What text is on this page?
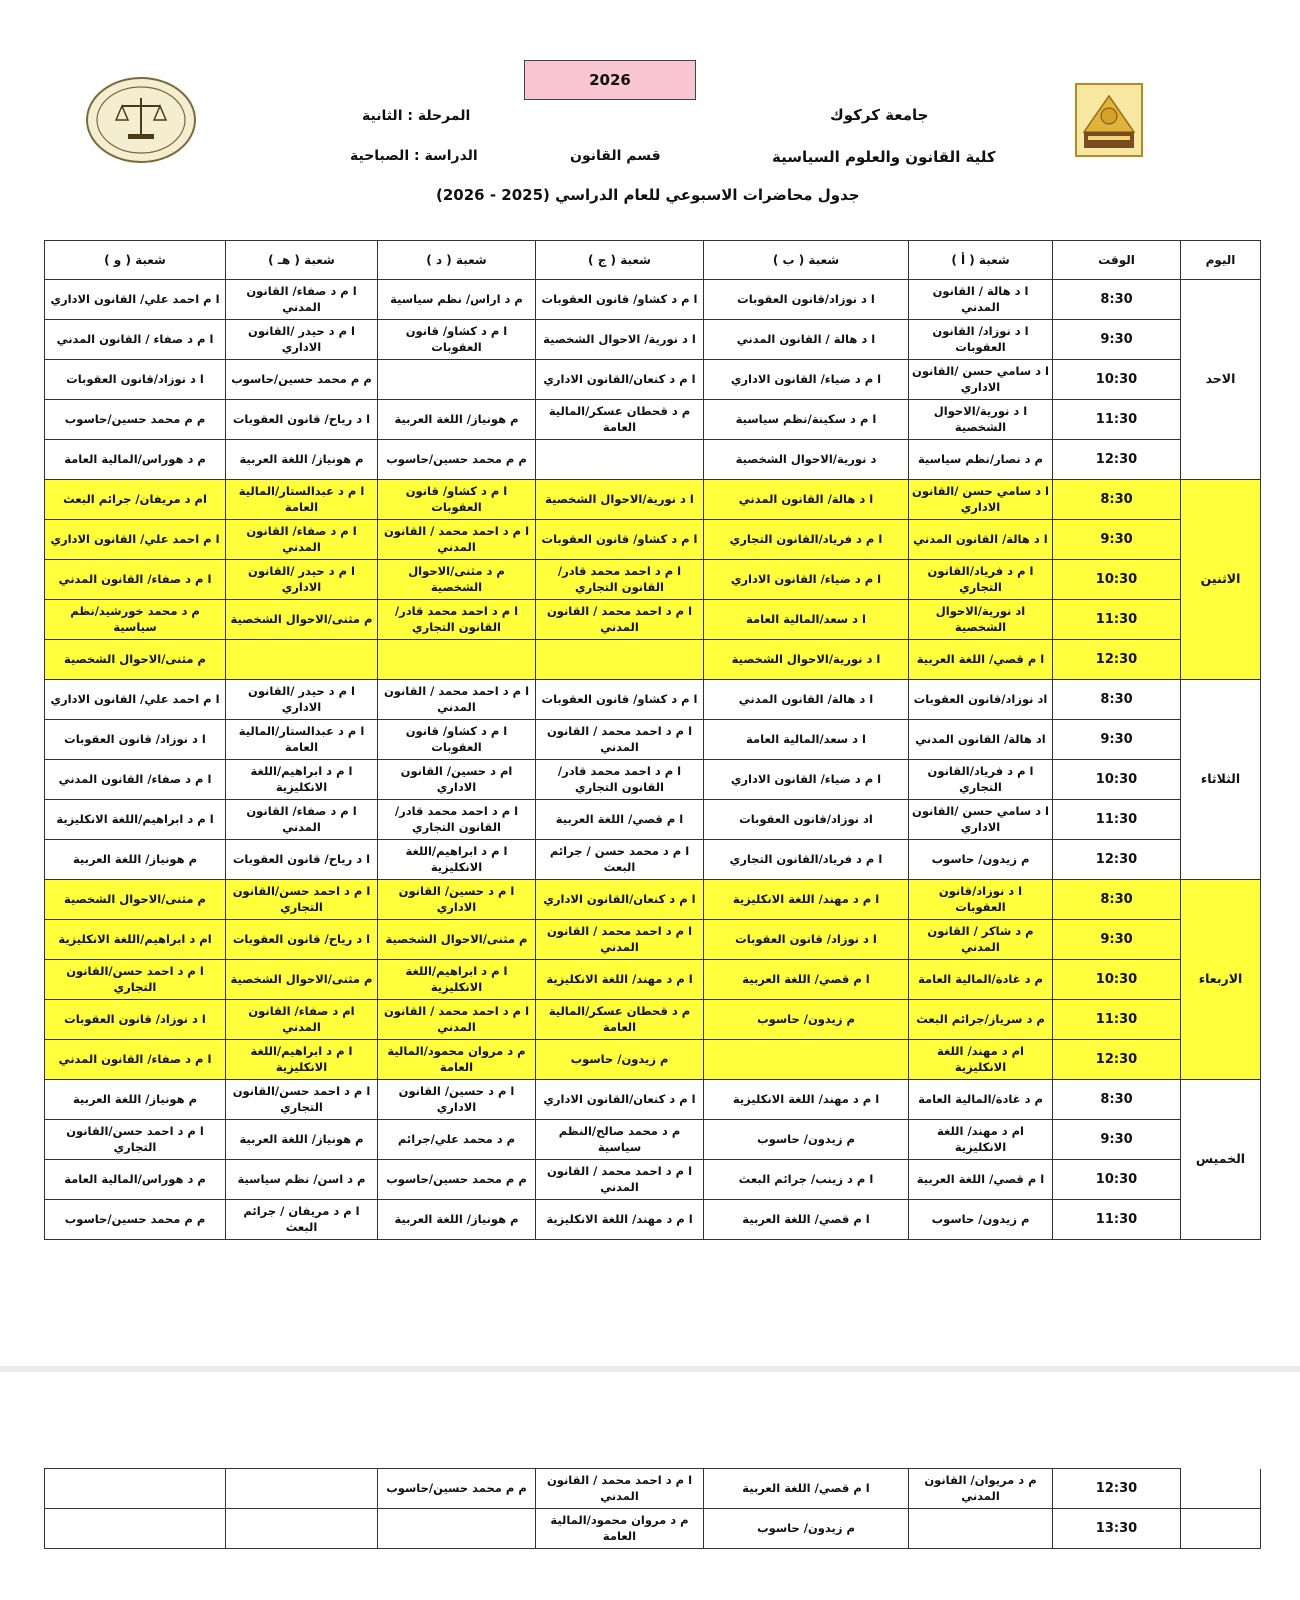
2026
جامعة كركوك
المرحلة : الثانية
كلية القانون والعلوم السياسية
قسم القانون
الدراسة : الصباحية
جدول محاضرات الاسبوعي للعام الدراسي (2025 - 2026)
اليوم	الوقت	شعبة ( أ )	شعبة ( ب )	شعبة ( ج )	شعبة ( د )	شعبة ( هـ )	شعبة ( و )
الاحد	8:30	ا د هالة / القانون المدني	ا د نوزاد/قانون العقوبات	ا م د كشاو/ قانون العقوبات	م د اراس/ نظم سياسية	ا م د صفاء/ القانون المدني	ا م احمد علي/ القانون الاداري
	9:30	ا د نوزاد/ القانون العقوبات	ا د هالة / القانون المدني	ا د نورية/ الاحوال الشخصية	ا م د كشاو/ قانون العقوبات	ا م د حيدر /القانون الاداري	ا م د صفاء / القانون المدني
	10:30	ا د سامي حسن /القانون الاداري	ا م د ضياء/ القانون الاداري	ا م د كنعان/القانون الاداري		م م محمد حسين/حاسوب	ا د نوزاد/قانون العقوبات
	11:30	ا د نورية/الاحوال الشخصية	ا م د سكينة/نظم سياسية	م د قحطان عسكر/المالية العامة	م هونياز/ اللغة العربية	ا د رياح/ قانون العقوبات	م م محمد حسين/حاسوب
	12:30	م د نصار/نظم سياسية	د نورية/الاحوال الشخصية		م م محمد حسين/حاسوب	م هونياز/ اللغة العربية	م د هوراس/المالية العامة
الاثنين	8:30	ا د سامي حسن /القانون الاداري	ا د هالة/ القانون المدني	ا د نورية/الاحوال الشخصية	ا م د كشاو/ قانون العقوبات	ا م د عبدالستار/المالية العامة	ام د مريفان/ جرائم البعث
	9:30	ا د هالة/ القانون المدني	ا م د فرياد/القانون التجاري	ا م د كشاو/ قانون العقوبات	ا م د احمد محمد / القانون المدني	ا م د صفاء/ القانون المدني	ا م احمد علي/ القانون الاداري
	10:30	ا م د فرياد/القانون التجاري	ا م د ضياء/ القانون الاداري	ا م د احمد محمد قادر/ القانون التجاري	م د مثنى/الاحوال الشخصية	ا م د حيدر /القانون الاداري	ا م د صفاء/ القانون المدني
	11:30	اد نورية/الاحوال الشخصية	ا د سعد/المالية العامة	ا م د احمد محمد / القانون المدني	ا م د احمد محمد قادر/ القانون التجاري	م مثنى/الاحوال الشخصية	م د محمد خورشيد/نظم سياسية
	12:30	ا م قصي/ اللغة العربية	ا د نورية/الاحوال الشخصية				م مثنى/الاحوال الشخصية
الثلاثاء	8:30	اد نوزاد/قانون العقوبات	ا د هالة/ القانون المدني	ا م د كشاو/ قانون العقوبات	ا م د احمد محمد / القانون المدني	ا م د حيدر /القانون الاداري	ا م احمد علي/ القانون الاداري
	9:30	اد هالة/ القانون المدني	ا د سعد/المالية العامة	ا م د احمد محمد / القانون المدني	ا م د كشاو/ قانون العقوبات	ا م د عبدالستار/المالية العامة	ا د نوزاد/ قانون العقوبات
	10:30	ا م د فرياد/القانون التجاري	ا م د ضياء/ القانون الاداري	ا م د احمد محمد قادر/ القانون التجاري	ام د حسين/ القانون الاداري	ا م د ابراهيم/اللغة الانكليزية	ا م د صفاء/ القانون المدني
	11:30	ا د سامي حسن /القانون الاداري	اد نوزاد/قانون العقوبات	ا م قصي/ اللغة العربية	ا م د احمد محمد قادر/ القانون التجاري	ا م د صفاء/ القانون المدني	ا م د ابراهيم/اللغة الانكليزية
	12:30	م زيدون/ حاسوب	ا م د فرياد/القانون التجاري	ا م د محمد حسن / جرائم البعث	ا م د ابراهيم/اللغة الانكليزية	ا د رياح/ قانون العقوبات	م هونياز/ اللغة العربية
الاربعاء	8:30	ا د نوزاد/قانون العقوبات	ا م د مهند/ اللغة الانكليزية	ا م د كنعان/القانون الاداري	ا م د حسين/ القانون الاداري	ا م د احمد حسن/القانون التجاري	م مثنى/الاحوال الشخصية
	9:30	م د شاكر / القانون المدني	ا د نوزاد/ قانون العقوبات	ا م د احمد محمد / القانون المدني	م مثنى/الاحوال الشخصية	ا د رياح/ قانون العقوبات	ام د ابراهيم/اللغة الانكليزية
	10:30	م د غادة/المالية العامة	ا م قصي/ اللغة العربية	ا م د مهند/ اللغة الانكليزية	ا م د ابراهيم/اللغة الانكليزية	م مثنى/الاحوال الشخصية	ا م د احمد حسن/القانون التجاري
	11:30	م د سرياز/جرائم البعث	م زيدون/ حاسوب	م د قحطان عسكر/المالية العامة	ا م د احمد محمد / القانون المدني	ام د صفاء/ القانون المدني	ا د نوزاد/ قانون العقوبات
	12:30	ام د مهند/ اللغة الانكليزية		م زيدون/ حاسوب	م د مروان محمود/المالية العامة	ا م د ابراهيم/اللغة الانكليزية	ا م د صفاء/ القانون المدني
الخميس	8:30	م د غادة/المالية العامة	ا م د مهند/ اللغة الانكليزية	ا م د كنعان/القانون الاداري	ا م د حسين/ القانون الاداري	ا م د احمد حسن/القانون التجاري	م هونياز/ اللغة العربية
	9:30	ام د مهند/ اللغة الانكليزية	م زيدون/ حاسوب	م د محمد صالح/النظم سياسية	م د محمد علي/جرائم	م هونياز/ اللغة العربية	ا م د احمد حسن/القانون التجاري
	10:30	ا م قصي/ اللغة العربية	ا م د زينب/ جرائم البعث	ا م د احمد محمد / القانون المدني	م م محمد حسين/حاسوب	م د اسن/ نظم سياسية	م د هوراس/المالية العامة
	11:30	م زيدون/ حاسوب	ا م قصي/ اللغة العربية	ا م د مهند/ اللغة الانكليزية	م هونياز/ اللغة العربية	ا م د مريفان / جرائم البعث	م م محمد حسين/حاسوب
	12:30	م د مريوان/ القانون المدني	ا م قصي/ اللغة العربية	ا م د احمد محمد / القانون المدني	م م محمد حسين/حاسوب		
	13:30		م زيدون/ حاسوب	م د مروان محمود/المالية العامة			
